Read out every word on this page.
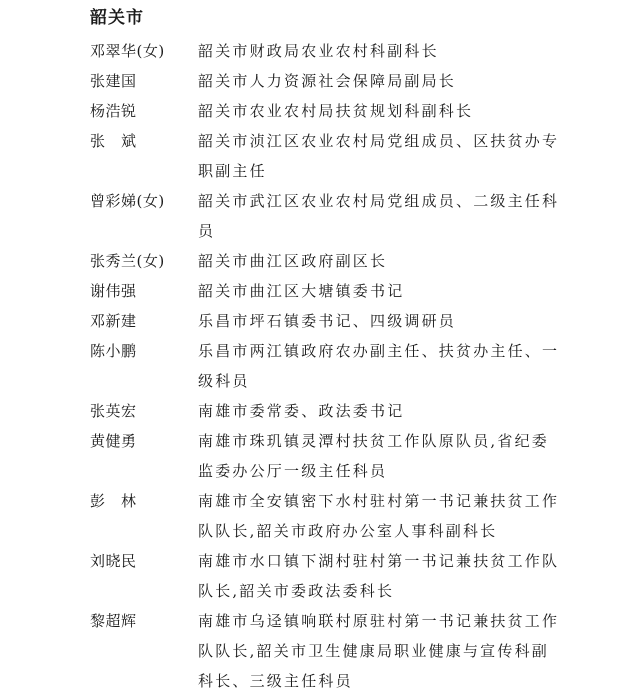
韶关市
邓翠华(女)	韶关市财政局农业农村科副科长
张建国	韶关市人力资源社会保障局副局长
杨浩锐	韶关市农业农村局扶贫规划科副科长
张　斌	韶关市浈江区农业农村局党组成员、区扶贫办专职副主任
曾彩娣(女)	韶关市武江区农业农村局党组成员、二级主任科员
张秀兰(女)	韶关市曲江区政府副区长
谢伟强	韶关市曲江区大塘镇委书记
邓新建	乐昌市坪石镇委书记、四级调研员
陈小鹏	乐昌市两江镇政府农办副主任、扶贫办主任、一级科员
张英宏	南雄市委常委、政法委书记
黄健勇	南雄市珠玑镇灵潭村扶贫工作队原队员,省纪委监委办公厅一级主任科员
彭　林	南雄市全安镇密下水村驻村第一书记兼扶贫工作队队长,韶关市政府办公室人事科副科长
刘晓民	南雄市水口镇下湖村驻村第一书记兼扶贫工作队队长,韶关市委政法委科长
黎超辉	南雄市乌迳镇响联村原驻村第一书记兼扶贫工作队队长,韶关市卫生健康局职业健康与宣传科副科长、三级主任科员
